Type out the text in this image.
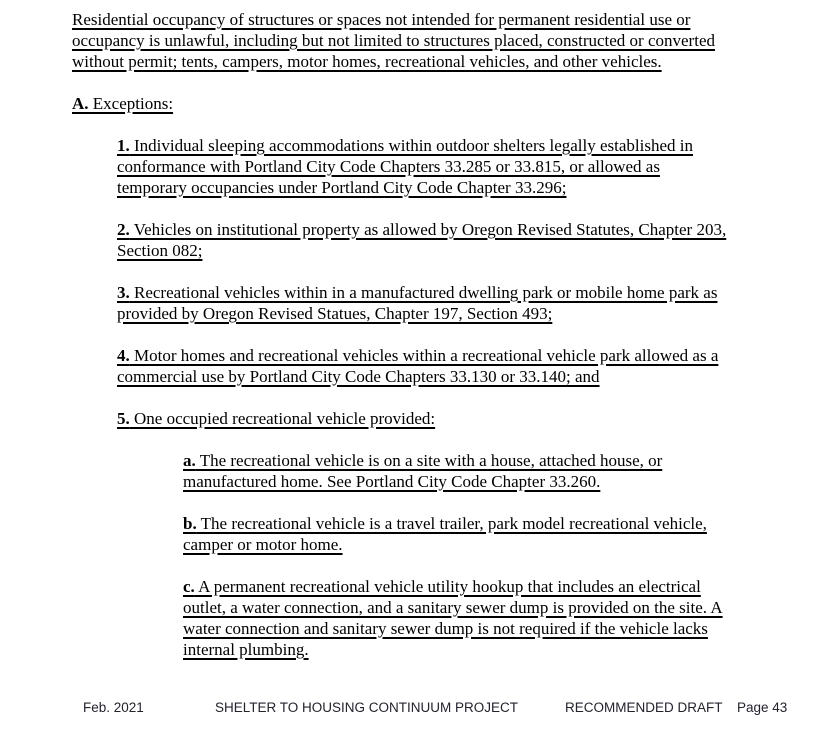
Residential occupancy of structures or spaces not intended for permanent residential use or
occupancy is unlawful, including but not limited to structures placed, constructed or converted
without permit; tents, campers, motor homes, recreational vehicles, and other vehicles.
A. Exceptions:
1. Individual sleeping accommodations within outdoor shelters legally established in
conformance with Portland City Code Chapters 33.285 or 33.815, or allowed as
temporary occupancies under Portland City Code Chapter 33.296;
2. Vehicles on institutional property as allowed by Oregon Revised Statutes, Chapter 203,
Section 082;
3. Recreational vehicles within in a manufactured dwelling park or mobile home park as
provided by Oregon Revised Statues, Chapter 197, Section 493;
4. Motor homes and recreational vehicles within a recreational vehicle park allowed as a
commercial use by Portland City Code Chapters 33.130 or 33.140; and
5. One occupied recreational vehicle provided:
a. The recreational vehicle is on a site with a house, attached house, or
manufactured home. See Portland City Code Chapter 33.260.
b. The recreational vehicle is a travel trailer, park model recreational vehicle,
camper or motor home.
c. A permanent recreational vehicle utility hookup that includes an electrical
outlet, a water connection, and a sanitary sewer dump is provided on the site. A
water connection and sanitary sewer dump is not required if the vehicle lacks
internal plumbing.
Feb. 2021	SHELTER TO HOUSING CONTINUUM PROJECT	RECOMMENDED DRAFT Page 43
